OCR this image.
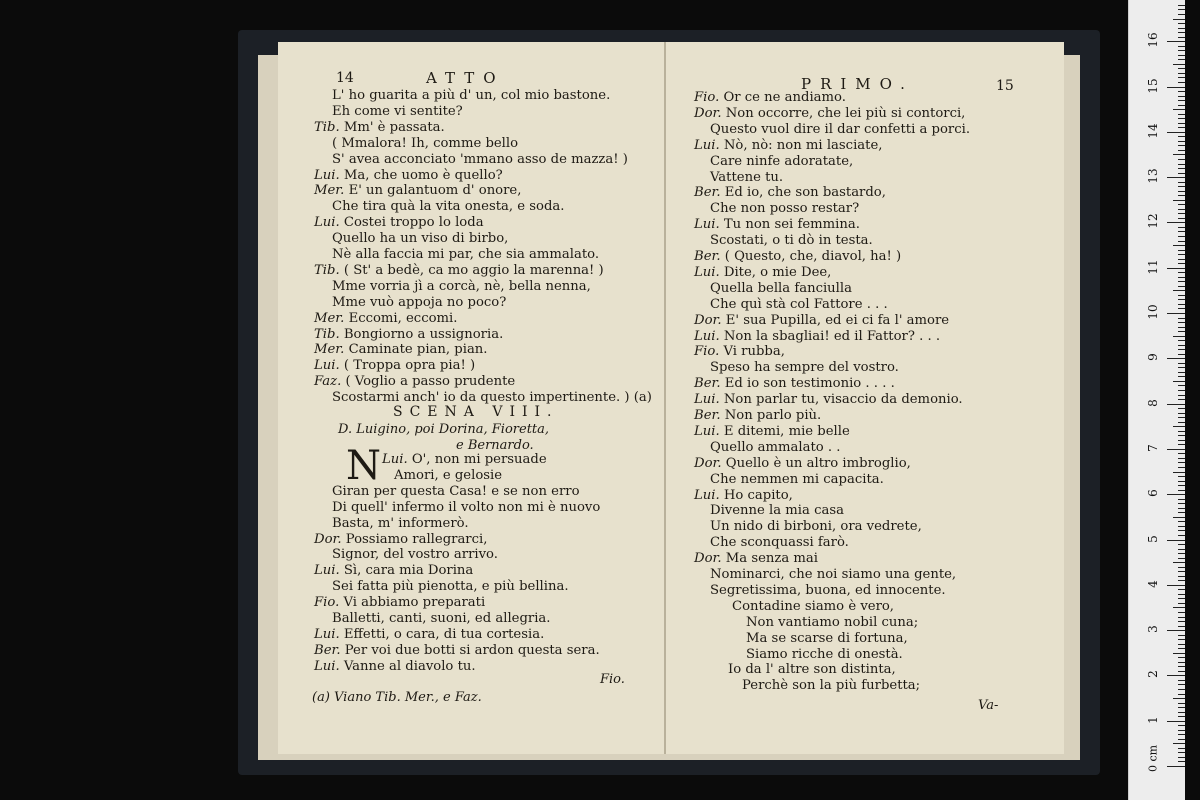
14	ATTO
L' ho guarita a più d' un, col mio bastone.
Eh come vi sentite?
Tib. Mm' è passata.
( Mmalora! Ih, comme bello
S' avea acconciato 'mmano asso de mazza! )
Lui. Ma, che uomo è quello?
Mer. E' un galantuom d' onore,
Che tira quà la vita onesta, e soda.
Lui. Costei troppo lo loda
Quello ha un viso di birbo,
Nè alla faccia mi par, che sia ammalato.
Tib. ( St' a bedè, ca mo aggio la marenna! )
Mme vorria jì a corcà, nè, bella nenna,
Mme vuò appoja no poco?
Mer. Eccomi, eccomi.
Tib. Bongiorno a ussignoria.
Mer. Caminate pian, pian.
Lui. ( Troppa opra pia! )
Faz. ( Voglio a passo prudente
Scostarmi anch' io da questo impertinente. ) (a)
SCENA VIII.
D. Luigino, poi Dorina, Fioretta,
e Bernardo.
N Lui. O', non mi persuade
Amori, e gelosie
Giran per questa Casa! e se non erro
Di quell' infermo il volto non mi è nuovo
Basta, m' informerò.
Dor. Possiamo rallegrarci,
Signor, del vostro arrivo.
Lui. Sì, cara mia Dorina
Sei fatta più pienotta, e più bellina.
Fio. Vi abbiamo preparati
Balletti, canti, suoni, ed allegria.
Lui. Effetti, o cara, di tua cortesia.
Ber. Per voi due botti si ardon questa sera.
Lui. Vanne al diavolo tu.
Fio.
(a) Viano Tib. Mer., e Faz.
PRIMO.	15
Fio. Or ce ne andiamo.
Dor. Non occorre, che lei più si contorci,
Questo vuol dire il dar confetti a porci.
Lui. Nò, nò: non mi lasciate,
Care ninfe adoratate,
Vattene tu.
Ber. Ed io, che son bastardo,
Che non posso restar?
Lui. Tu non sei femmina.
Scostati, o ti dò in testa.
Ber. ( Questo, che, diavol, ha! )
Lui. Dite, o mie Dee,
Quella bella fanciulla
Che quì stà col Fattore . . .
Dor. E' sua Pupilla, ed ei ci fa l' amore
Lui. Non la sbagliai! ed il Fattor? . . .
Fio. Vi rubba,
Speso ha sempre del vostro.
Ber. Ed io son testimonio . . . .
Lui. Non parlar tu, visaccio da demonio.
Ber. Non parlo più.
Lui. E ditemi, mie belle
Quello ammalato . .
Dor. Quello è un altro imbroglio,
Che nemmen mi capacita.
Lui. Ho capito,
Divenne la mia casa
Un nido di birboni, ora vedrete,
Che sconquassi farò.
Dor. Ma senza mai
Nominarci, che noi siamo una gente,
Segretissima, buona, ed innocente.
Contadine siamo è vero,
Non vantiamo nobil cuna;
Ma se scarse di fortuna,
Siamo ricche di onestà.
Io da l' altre son distinta,
Perchè son la più furbetta;
Va-
1
2
3
4
5
6
7
8
9
10
11
12
13
14
15
16
0 cm
